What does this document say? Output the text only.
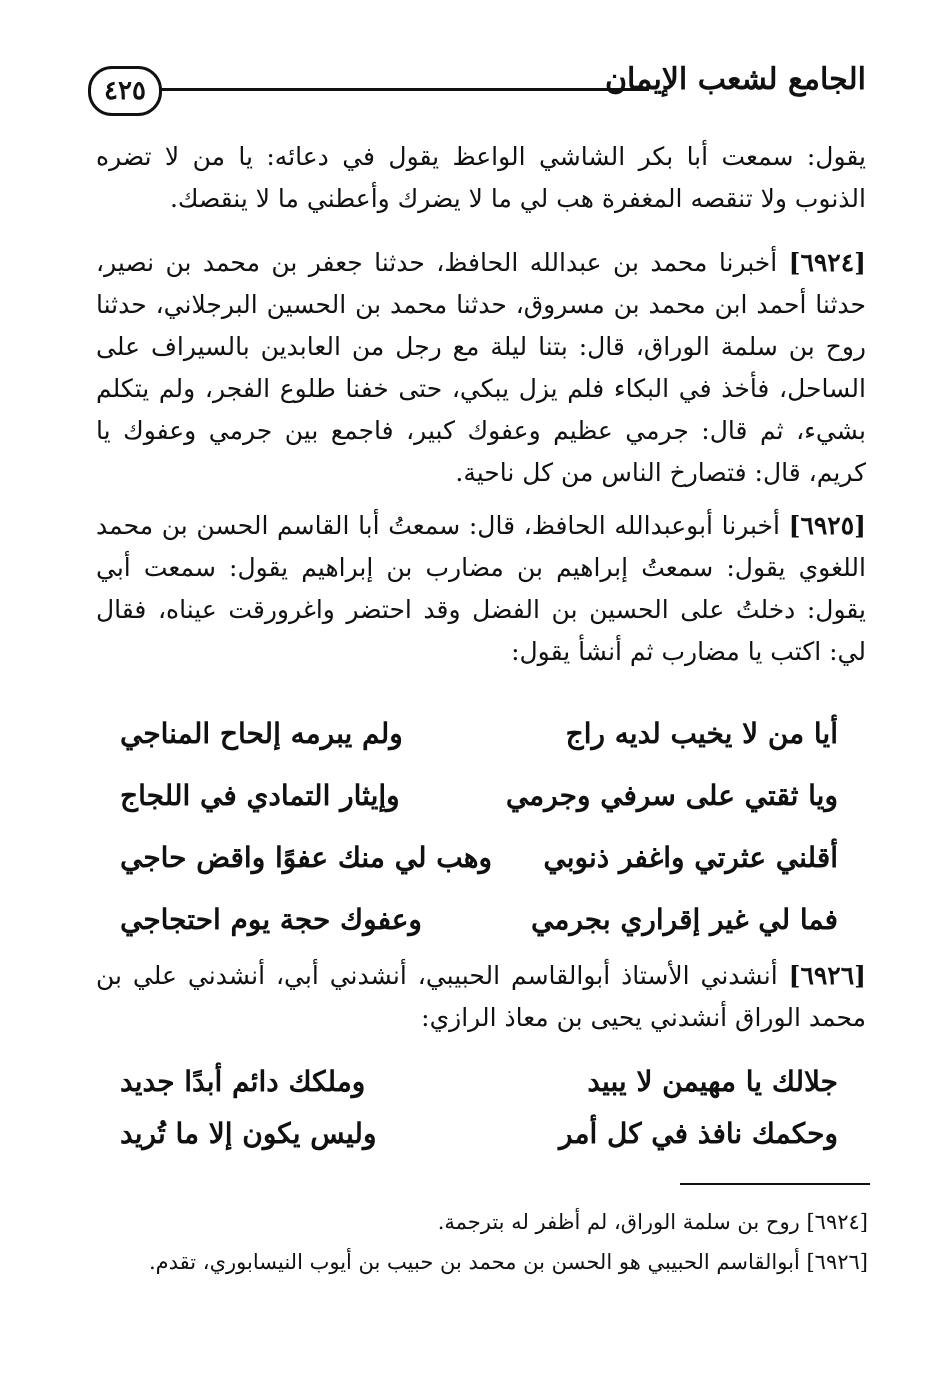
٤٢٥	الجامع لشعب الإيمان
يقول: سمعت أبا بكر الشاشي الواعظ يقول في دعائه: يا من لا تضره الذنوب ولا تنقصه المغفرة هب لي ما لا يضرك وأعطني ما لا ينقصك.
[٦٩٢٤] أخبرنا محمد بن عبدالله الحافظ، حدثنا جعفر بن محمد بن نصير، حدثنا أحمد ابن محمد بن مسروق، حدثنا محمد بن الحسين البرجلاني، حدثنا روح بن سلمة الوراق، قال: بتنا ليلة مع رجل من العابدين بالسيراف على الساحل، فأخذ في البكاء فلم يزل يبكي، حتى خفنا طلوع الفجر، ولم يتكلم بشيء، ثم قال: جرمي عظيم وعفوك كبير، فاجمع بين جرمي وعفوك يا كريم، قال: فتصارخ الناس من كل ناحية.
[٦٩٢٥] أخبرنا أبوعبدالله الحافظ، قال: سمعتُ أبا القاسم الحسن بن محمد اللغوي يقول: سمعتُ إبراهيم بن مضارب بن إبراهيم يقول: سمعت أبي يقول: دخلتُ على الحسين بن الفضل وقد احتضر واغرورقت عيناه، فقال لي: اكتب يا مضارب ثم أنشأ يقول:
أيا من لا يخيب لديه راج
ولم يبرمه إلحاح المناجي
ويا ثقتي على سرفي وجرمي
وإيثار التمادي في اللجاج
أقلني عثرتي واغفر ذنوبي
وهب لي منك عفوًا واقض حاجي
فما لي غير إقراري بجرمي
وعفوك حجة يوم احتجاجي
[٦٩٢٦] أنشدني الأستاذ أبوالقاسم الحبيبي، أنشدني أبي، أنشدني علي بن محمد الوراق أنشدني يحيى بن معاذ الرازي:
جلالك يا مهيمن لا يبيد
وملكك دائم أبدًا جديد
وحكمك نافذ في كل أمر
وليس يكون إلا ما تُريد
[٦٩٢٤] روح بن سلمة الوراق، لم أظفر له بترجمة.
[٦٩٢٦] أبوالقاسم الحبيبي هو الحسن بن محمد بن حبيب بن أيوب النيسابوري، تقدم.
